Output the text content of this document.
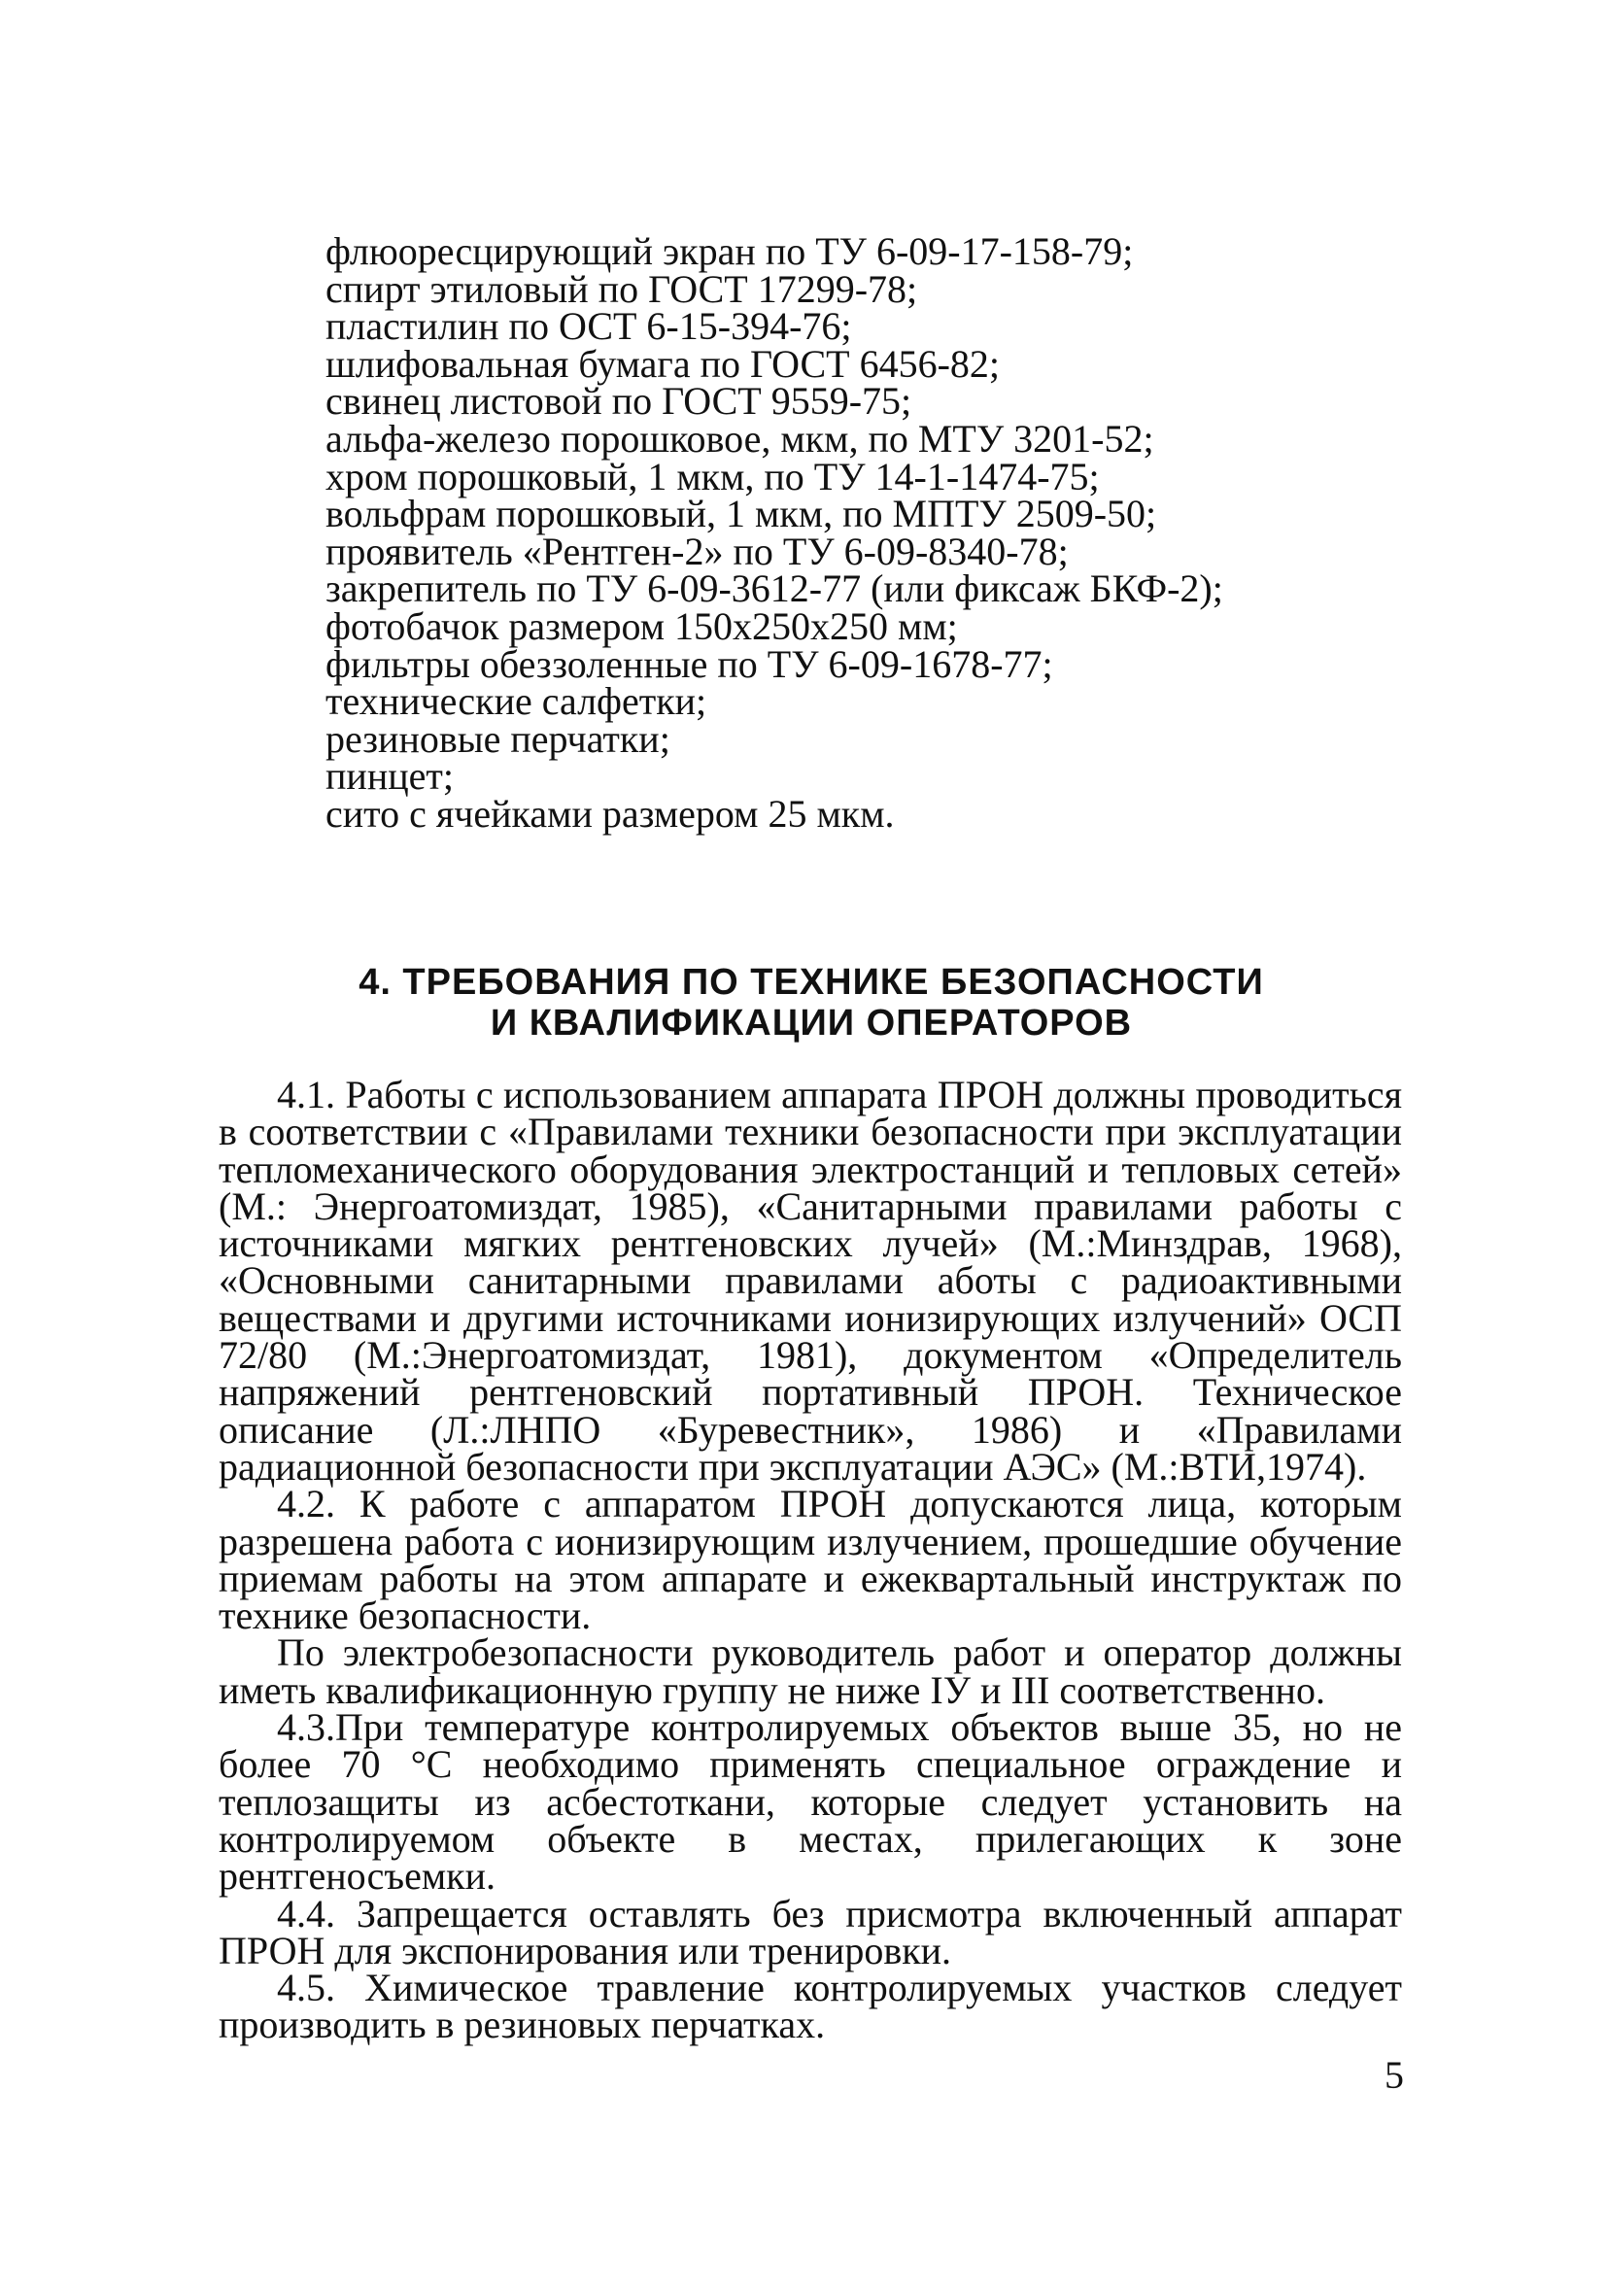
флюоресцирующий экран по ТУ 6-09-17-158-79;
спирт этиловый по ГОСТ 17299-78;
пластилин по ОСТ 6-15-394-76;
шлифовальная бумага по ГОСТ 6456-82;
свинец листовой по ГОСТ 9559-75;
альфа-железо порошковое, мкм, по МТУ 3201-52;
хром порошковый, 1 мкм, по ТУ 14-1-1474-75;
вольфрам порошковый, 1 мкм, по МПТУ 2509-50;
проявитель «Рентген-2» по ТУ 6-09-8340-78;
закрепитель по ТУ 6-09-3612-77 (или фиксаж БКФ-2);
фотобачок размером 150х250х250 мм;
фильтры обеззоленные по ТУ 6-09-1678-77;
технические салфетки;
резиновые перчатки;
пинцет;
сито с ячейками размером 25 мкм.
4. ТРЕБОВАНИЯ ПО ТЕХНИКЕ БЕЗОПАСНОСТИ
И КВАЛИФИКАЦИИ ОПЕРАТОРОВ

4.1. Работы с использованием аппарата ПРОН должны проводиться в соответствии с «Правилами техники безопасности при эксплуатации тепломеханического оборудования электростанций и тепловых сетей» (М.: Энергоатомиздат, 1985), «Санитарными правилами работы с источниками мягких рентгеновских лучей» (М.:Минздрав, 1968), «Основными санитарными правилами аботы с радиоактивными веществами и другими источниками ионизирующих излучений» ОСП 72/80 (М.:Энергоатомиздат, 1981), документом «Определитель напряжений рентгеновский портативный ПРОН. Техническое описание (Л.:ЛНПО «Буревестник», 1986) и «Правилами радиационной безопасности при эксплуатации АЭС» (М.:ВТИ,1974).

4.2. К работе с аппаратом ПРОН допускаются лица, которым разрешена работа с ионизирующим излучением, прошедшие обучение приемам работы на этом аппарате и ежеквартальный инструктаж по технике безопасности.

По электробезопасности руководитель работ и оператор должны иметь квалификационную группу не ниже IУ и III соответственно.

4.3.При температуре контролируемых объектов выше 35, но не более 70 °С необходимо применять специальное ограждение и теплозащиты из асбестоткани, которые следует установить на контролируемом объекте в местах, прилегающих к зоне рентгеносъемки.

4.4. Запрещается оставлять без присмотра включенный аппарат ПРОН для экспонирования или тренировки.

4.5. Химическое травление контролируемых участков следует производить в резиновых перчатках.

5
